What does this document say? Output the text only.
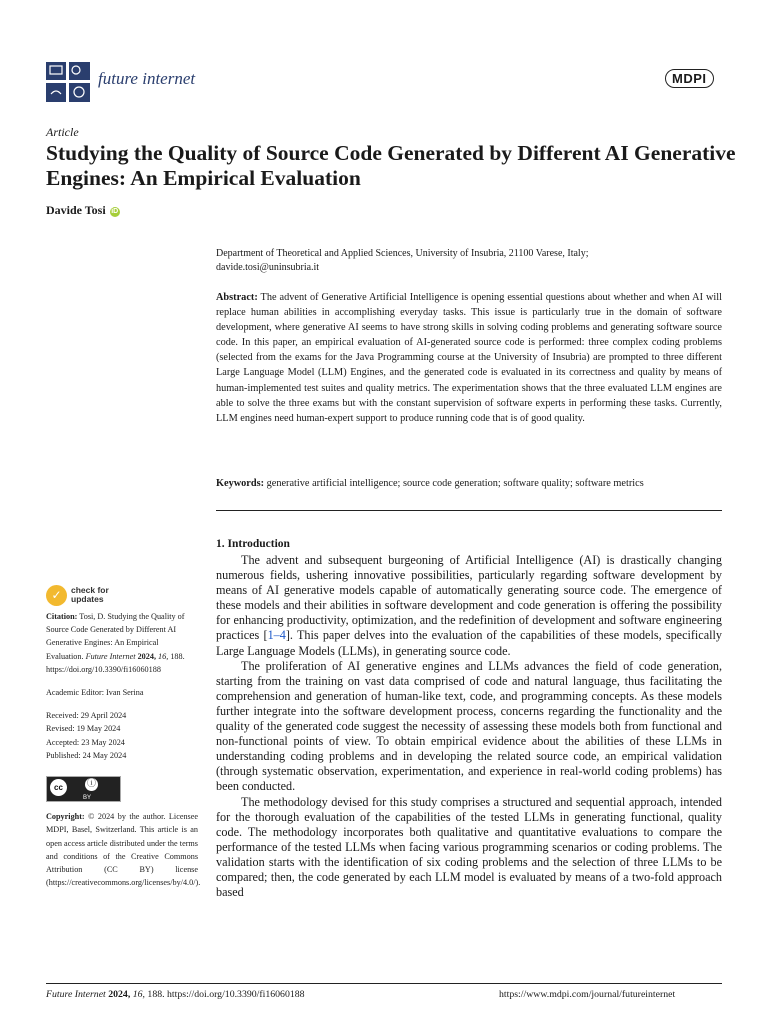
future internet	MDPI
Article
Studying the Quality of Source Code Generated by Different AI Generative Engines: An Empirical Evaluation
Davide Tosi iD
Department of Theoretical and Applied Sciences, University of Insubria, 21100 Varese, Italy;
davide.tosi@uninsubria.it
Abstract: The advent of Generative Artificial Intelligence is opening essential questions about whether and when AI will replace human abilities in accomplishing everyday tasks. This issue is particularly true in the domain of software development, where generative AI seems to have strong skills in solving coding problems and generating software source code. In this paper, an empirical evaluation of AI-generated source code is performed: three complex coding problems (selected from the exams for the Java Programming course at the University of Insubria) are prompted to three different Large Language Model (LLM) Engines, and the generated code is evaluated in its correctness and quality by means of human-implemented test suites and quality metrics. The experimentation shows that the three evaluated LLM engines are able to solve the three exams but with the constant supervision of software experts in performing these tasks. Currently, LLM engines need human-expert support to produce running code that is of good quality.
Keywords: generative artificial intelligence; source code generation; software quality; software metrics
1. Introduction

The advent and subsequent burgeoning of Artificial Intelligence (AI) is drastically changing numerous fields, ushering innovative possibilities, particularly regarding software development by means of AI generative models capable of automatically generating source code. The emergence of these models and their abilities in software development and code generation is offering the possibility for enhancing productivity, optimization, and the redefinition of development and software engineering practices [1–4]. This paper delves into the evaluation of the capabilities of these models, specifically Large Language Models (LLMs), in generating source code.

The proliferation of AI generative engines and LLMs advances the field of code generation, starting from the training on vast data comprised of code and natural language, thus facilitating the comprehension and generation of human-like text, code, and programming concepts. As these models further integrate into the software development process, concerns regarding the functionality and the quality of the generated code suggest the necessity of assessing these models both from functional and non-functional points of view. To obtain empirical evidence about the abilities of these LLMs in understanding coding problems and in developing the related source code, an empirical validation (through systematic observation, experimentation, and experience in real-world coding problems) has been conducted.

The methodology devised for this study comprises a structured and sequential approach, intended for the thorough evaluation of the capabilities of the tested LLMs in generating functional, quality code. The methodology incorporates both qualitative and quantitative evaluations to compare the performance of the tested LLMs when facing various programming scenarios or coding problems. The validation starts with the identification of six coding problems and the selection of three LLMs to be compared; then, the code generated by each LLM model is evaluated by means of a two-fold approach based

✓	check for
updates
Citation: Tosi, D. Studying the Quality of Source Code Generated by Different AI Generative Engines: An Empirical Evaluation. Future Internet 2024, 16, 188. https://doi.org/10.3390/fi16060188
Academic Editor: Ivan Serina
Received: 29 April 2024
Revised: 19 May 2024
Accepted: 23 May 2024
Published: 24 May 2024
cc	ⓘ
BY
Copyright: © 2024 by the author. Licensee MDPI, Basel, Switzerland. This article is an open access article distributed under the terms and conditions of the Creative Commons Attribution (CC BY) license (https://creativecommons.org/licenses/by/4.0/).
Future Internet 2024, 16, 188. https://doi.org/10.3390/fi16060188	https://www.mdpi.com/journal/futureinternet
